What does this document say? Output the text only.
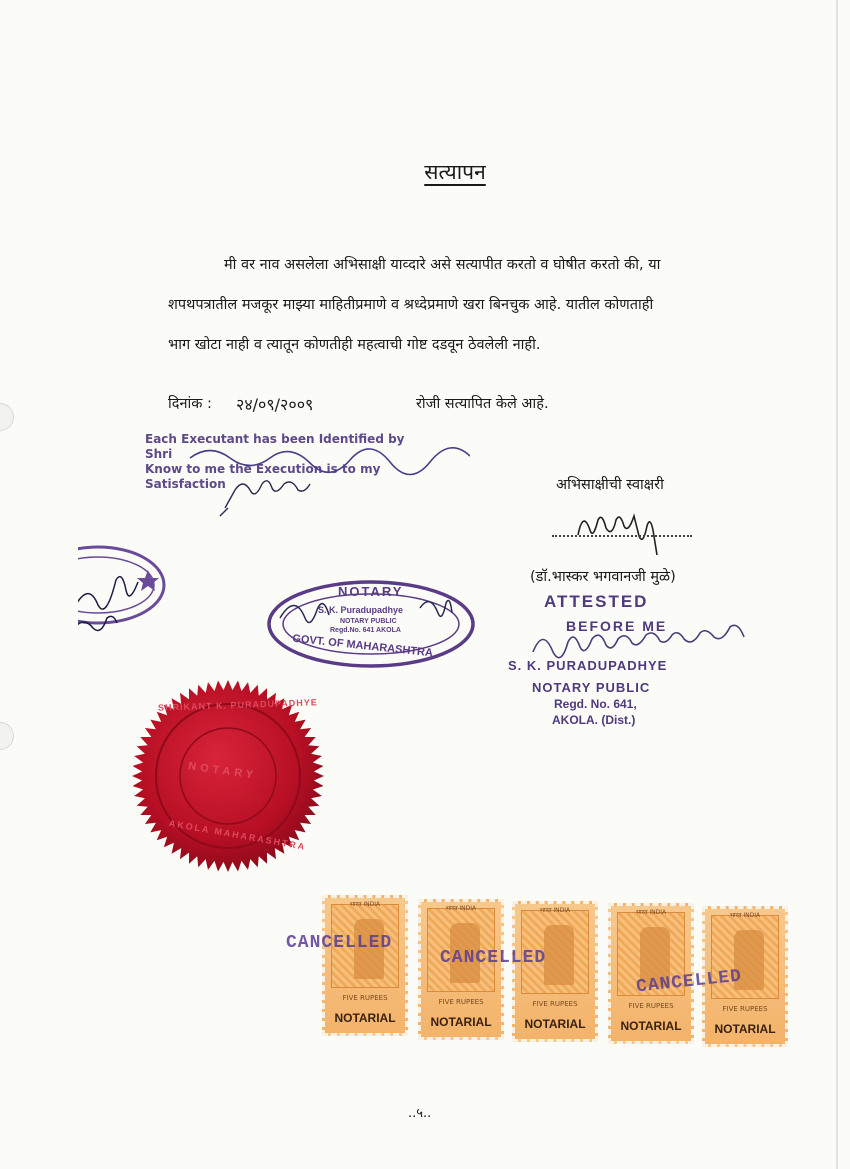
सत्यापन
मी वर नाव असलेला अभिसाक्षी याव्दारे असे सत्यापीत करतो व घोषीत करतो की, या
शपथपत्रातील मजकूर माझ्या माहितीप्रमाणे व श्रध्देप्रमाणे खरा बिनचुक आहे. यातील कोणताही
भाग खोटा नाही व त्यातून कोणतीही महत्वाची गोष्ट दडवून ठेवलेली नाही.
दिनांक : २४/०९/२००९	रोजी सत्यापित केले आहे.
Each Executant has been Identified by
Shri
Know to me the Execution is to my
Satisfaction	अभिसाक्षीची स्वाक्षरी
(डॉ.भास्कर भगवानजी मुळे)
NOTARY
S. K. Puradupadhye
NOTARY PUBLIC
Regd.No. 641 AKOLA
GOVT. OF MAHARASHTRA
ATTESTED
BEFORE ME
S. K. PURADUPADHYE
NOTARY PUBLIC
Regd. No. 641,
AKOLA. (Dist.)
NOTARY
SHRIKANT K. PURADUPADHYE
AKOLA MAHARASHTRA
भारत INDIA
FIVE RUPEES
NOTARIAL
भारत INDIA
FIVE RUPEES
NOTARIAL
भारत INDIA
FIVE RUPEES
NOTARIAL
भारत INDIA
FIVE RUPEES
NOTARIAL
भारत INDIA
FIVE RUPEES
NOTARIAL
CANCELLED
CANCELLED
CANCELLED
..५..
